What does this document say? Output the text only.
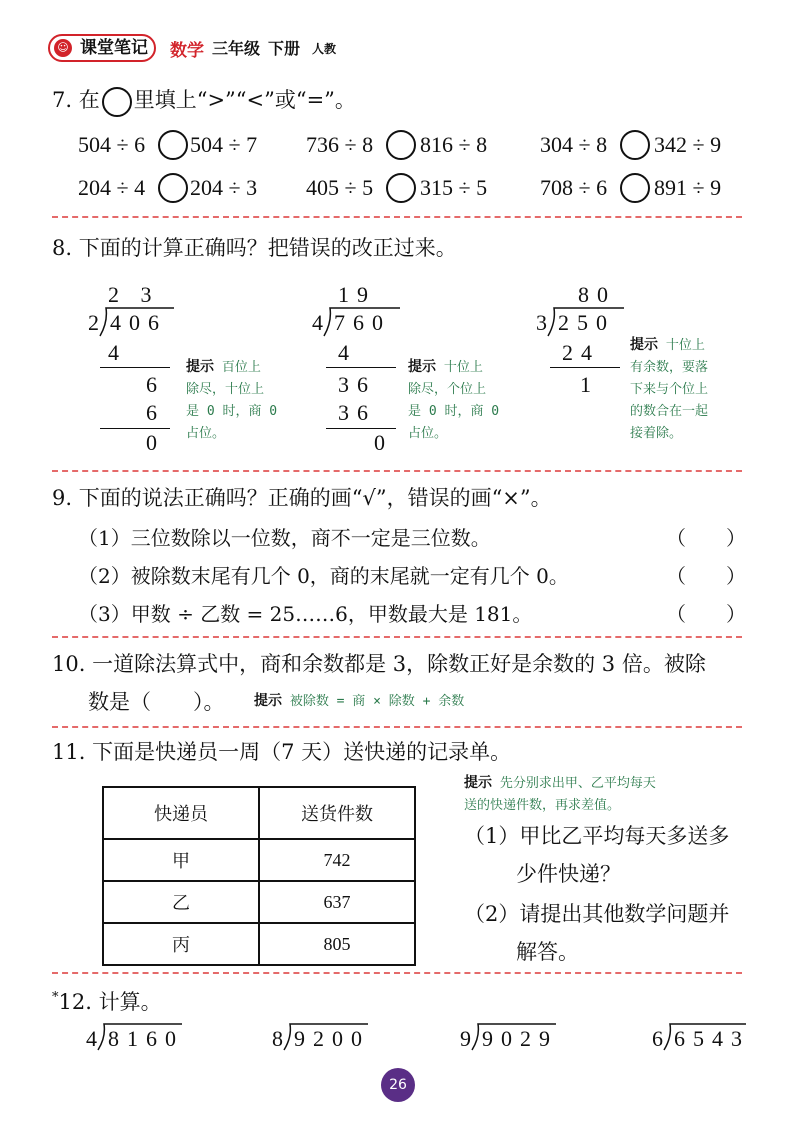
☺ 课堂笔记	数学 三年级 下册 人教
7. 在 里填上“>”“<”或“=”。
504 ÷ 6 504 ÷ 7 736 ÷ 8 816 ÷ 8 304 ÷ 8 342 ÷ 9
204 ÷ 4 204 ÷ 3 405 ÷ 5 315 ÷ 5 708 ÷ 6 891 ÷ 9
8. 下面的计算正确吗？把错误的改正过来。
2 3
2 406
4
6
6
0
提示 百位上
除尽，十位上
是 0 时，商 0
占位。
19
4 760
4
36
36
0
提示 十位上
除尽，个位上
是 0 时，商 0
占位。
80
3 250
24
1
提示 十位上
有余数，要落
下来与个位上
的数合在一起
接着除。
9. 下面的说法正确吗？正确的画“√”，错误的画“×”。
（1）三位数除以一位数，商不一定是三位数。	（　　）
（2）被除数末尾有几个 0，商的末尾就一定有几个 0。	（　　）
（3）甲数 ÷ 乙数 = 25……6，甲数最大是 181。	（　　）
10. 一道除法算式中，商和余数都是 3，除数正好是余数的 3 倍。被除
数是（　　）。 提示 被除数 = 商 × 除数 + 余数
11. 下面是快递员一周（7 天）送快递的记录单。
快递员	送货件数
甲	742
乙	637
丙	805
提示 先分别求出甲、乙平均每天
送的快递件数，再求差值。
（1）甲比乙平均每天多送多
少件快递？
（2）请提出其他数学问题并
解答。
*12. 计算。
4 8160	8 9200	9 9029	6 6543
26
